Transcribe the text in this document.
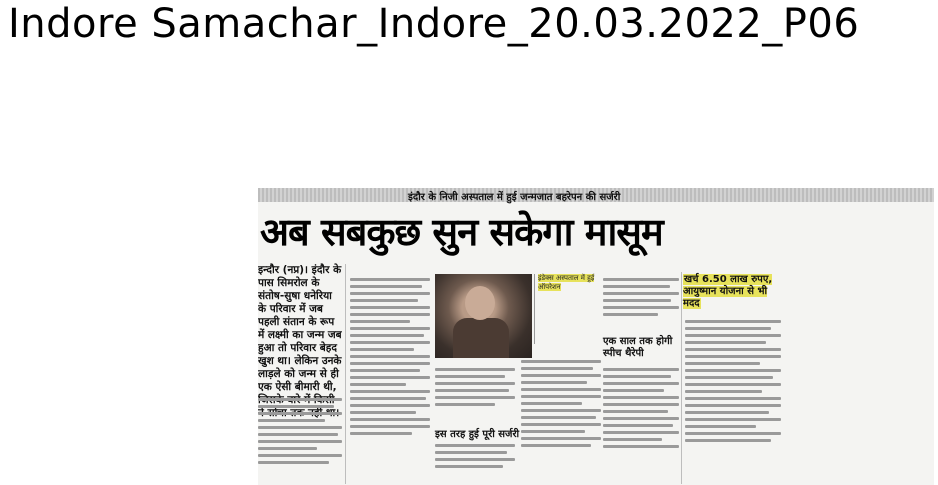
Indore Samachar_Indore_20.03.2022_P06
इंदौर के निजी अस्पताल में हुई जन्मजात बहरेपन की सर्जरी
अब सबकुछ सुन सकेगा मासूम
इन्दौर (नप्र)। इंदौर के पास सिमरोल के संतोष-सुषा धनेरिया के परिवार में जब पहली संतान के रूप में लक्ष्मी का जन्म जब हुआ तो परिवार बेहद खुश था। लेकिन उनके लाड़ले को जन्म से ही एक ऐसी बीमारी थी,
इंडेक्स अस्पताल में हुई ऑपरेशन
इस तरह हुई पूरी सर्जरी
एक साल तक होगी स्पीच थैरेपी
खर्च 6.50 लाख रुपए, आयुष्मान योजना से भी मदद
